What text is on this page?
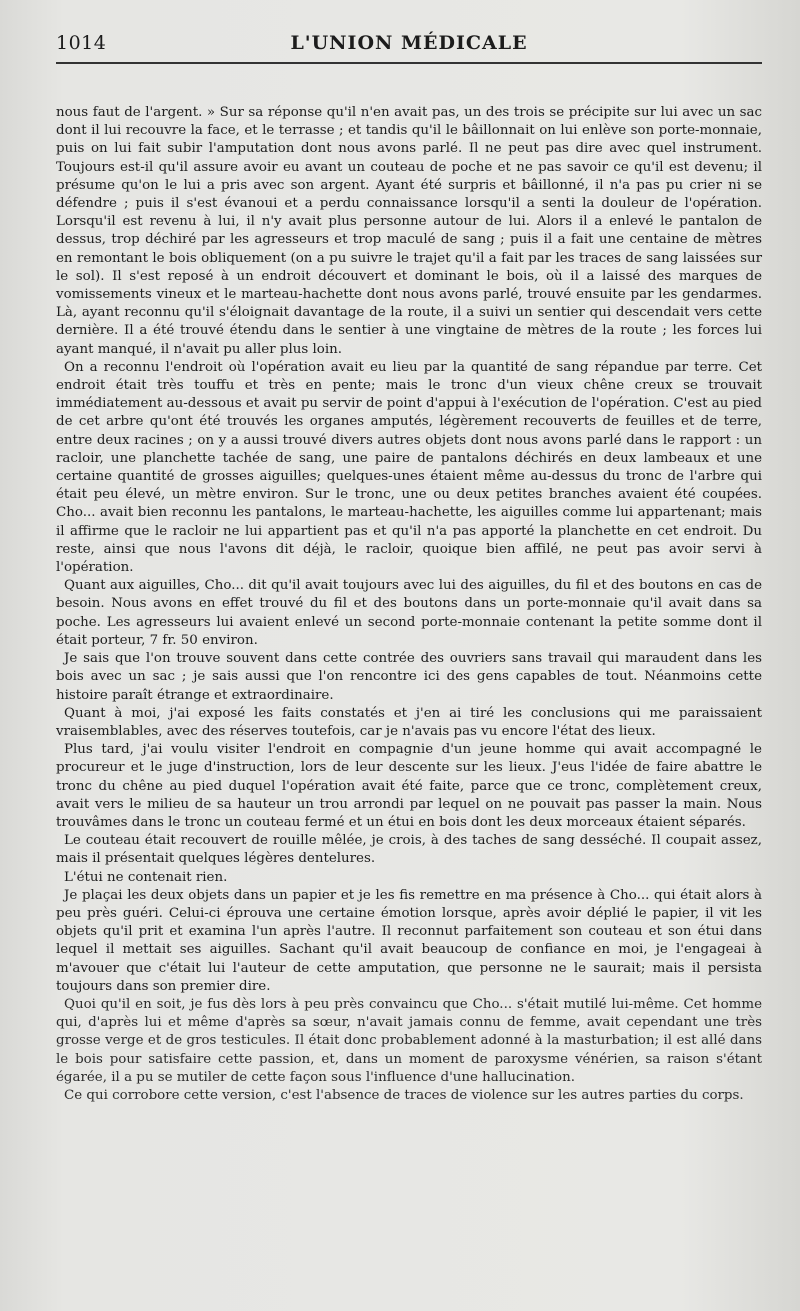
1014	L'UNION MÉDICALE

nous faut de l'argent. » Sur sa réponse qu'il n'en avait pas, un des trois se précipite sur lui avec un sac dont il lui recouvre la face, et le terrasse ; et tandis qu'il le bâillonnait on lui enlève son porte-monnaie, puis on lui fait subir l'amputation dont nous avons parlé. Il ne peut pas dire avec quel instrument. Toujours est-il qu'il assure avoir eu avant un couteau de poche et ne pas savoir ce qu'il est devenu; il présume qu'on le lui a pris avec son argent. Ayant été surpris et bâillonné, il n'a pas pu crier ni se défendre ; puis il s'est évanoui et a perdu connaissance lorsqu'il a senti la douleur de l'opération. Lorsqu'il est revenu à lui, il n'y avait plus personne autour de lui. Alors il a enlevé le pantalon de dessus, trop déchiré par les agresseurs et trop maculé de sang ; puis il a fait une centaine de mètres en remontant le bois obliquement (on a pu suivre le trajet qu'il a fait par les traces de sang laissées sur le sol). Il s'est reposé à un endroit découvert et dominant le bois, où il a laissé des marques de vomissements vineux et le marteau-hachette dont nous avons parlé, trouvé ensuite par les gendarmes. Là, ayant reconnu qu'il s'éloignait davantage de la route, il a suivi un sentier qui descendait vers cette dernière. Il a été trouvé étendu dans le sentier à une vingtaine de mètres de la route ; les forces lui ayant manqué, il n'avait pu aller plus loin.

On a reconnu l'endroit où l'opération avait eu lieu par la quantité de sang répandue par terre. Cet endroit était très touffu et très en pente; mais le tronc d'un vieux chêne creux se trouvait immédiatement au-dessous et avait pu servir de point d'appui à l'exécution de l'opération. C'est au pied de cet arbre qu'ont été trouvés les organes amputés, légèrement recouverts de feuilles et de terre, entre deux racines ; on y a aussi trouvé divers autres objets dont nous avons parlé dans le rapport : un racloir, une planchette tachée de sang, une paire de pantalons déchirés en deux lambeaux et une certaine quantité de grosses aiguilles; quelques-unes étaient même au-dessus du tronc de l'arbre qui était peu élevé, un mètre environ. Sur le tronc, une ou deux petites branches avaient été coupées. Cho... avait bien reconnu les pantalons, le marteau-hachette, les aiguilles comme lui appartenant; mais il affirme que le racloir ne lui appartient pas et qu'il n'a pas apporté la planchette en cet endroit. Du reste, ainsi que nous l'avons dit déjà, le racloir, quoique bien affilé, ne peut pas avoir servi à l'opération.

Quant aux aiguilles, Cho... dit qu'il avait toujours avec lui des aiguilles, du fil et des boutons en cas de besoin. Nous avons en effet trouvé du fil et des boutons dans un porte-monnaie qu'il avait dans sa poche. Les agresseurs lui avaient enlevé un second porte-monnaie contenant la petite somme dont il était porteur, 7 fr. 50 environ.

Je sais que l'on trouve souvent dans cette contrée des ouvriers sans travail qui maraudent dans les bois avec un sac ; je sais aussi que l'on rencontre ici des gens capables de tout. Néanmoins cette histoire paraît étrange et extraordinaire.

Quant à moi, j'ai exposé les faits constatés et j'en ai tiré les conclusions qui me paraissaient vraisemblables, avec des réserves toutefois, car je n'avais pas vu encore l'état des lieux.

Plus tard, j'ai voulu visiter l'endroit en compagnie d'un jeune homme qui avait accompagné le procureur et le juge d'instruction, lors de leur descente sur les lieux. J'eus l'idée de faire abattre le tronc du chêne au pied duquel l'opération avait été faite, parce que ce tronc, complètement creux, avait vers le milieu de sa hauteur un trou arrondi par lequel on ne pouvait pas passer la main. Nous trouvâmes dans le tronc un couteau fermé et un étui en bois dont les deux morceaux étaient séparés.

Le couteau était recouvert de rouille mêlée, je crois, à des taches de sang desséché. Il coupait assez, mais il présentait quelques légères dentelures.

L'étui ne contenait rien.

Je plaçai les deux objets dans un papier et je les fis remettre en ma présence à Cho... qui était alors à peu près guéri. Celui-ci éprouva une certaine émotion lorsque, après avoir déplié le papier, il vit les objets qu'il prit et examina l'un après l'autre. Il reconnut parfaitement son couteau et son étui dans lequel il mettait ses aiguilles. Sachant qu'il avait beaucoup de confiance en moi, je l'engageai à m'avouer que c'était lui l'auteur de cette amputation, que personne ne le saurait; mais il persista toujours dans son premier dire.

Quoi qu'il en soit, je fus dès lors à peu près convaincu que Cho... s'était mutilé lui-même. Cet homme qui, d'après lui et même d'après sa sœur, n'avait jamais connu de femme, avait cependant une très grosse verge et de gros testicules. Il était donc probablement adonné à la masturbation; il est allé dans le bois pour satisfaire cette passion, et, dans un moment de paroxysme vénérien, sa raison s'étant égarée, il a pu se mutiler de cette façon sous l'influence d'une hallucination.

Ce qui corrobore cette version, c'est l'absence de traces de violence sur les autres parties du corps.
